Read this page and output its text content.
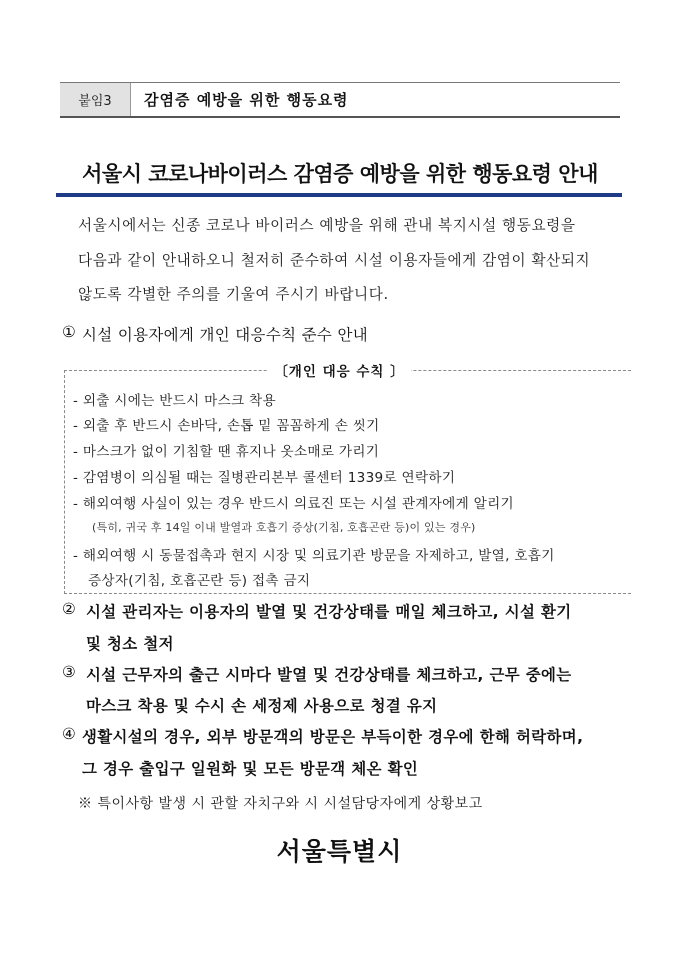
붙임3	감염증 예방을 위한 행동요령
서울시 코로나바이러스 감염증 예방을 위한 행동요령 안내
서울시에서는 신종 코로나 바이러스 예방을 위해 관내 복지시설 행동요령을
다음과 같이 안내하오니 철저히 준수하여 시설 이용자들에게 감염이 확산되지
않도록 각별한 주의를 기울여 주시기 바랍니다.
① 시설 이용자에게 개인 대응수칙 준수 안내
〔개인 대응 수칙 〕
- 외출 시에는 반드시 마스크 착용
- 외출 후 반드시 손바닥, 손톱 밑 꼼꼼하게 손 씻기
- 마스크가 없이 기침할 땐 휴지나 옷소매로 가리기
- 감염병이 의심될 때는 질병관리본부 콜센터 1339로 연락하기
- 해외여행 사실이 있는 경우 반드시 의료진 또는 시설 관계자에게 알리기
(특히, 귀국 후 14일 이내 발열과 호흡기 증상(기침, 호흡곤란 등)이 있는 경우)
- 해외여행 시 동물접촉과 현지 시장 및 의료기관 방문을 자제하고, 발열, 호흡기
증상자(기침, 호흡곤란 등) 접촉 금지
② 시설 관리자는 이용자의 발열 및 건강상태를 매일 체크하고, 시설 환기
및 청소 철저
③ 시설 근무자의 출근 시마다 발열 및 건강상태를 체크하고, 근무 중에는
마스크 착용 및 수시 손 세정제 사용으로 청결 유지
④ 생활시설의 경우, 외부 방문객의 방문은 부득이한 경우에 한해 허락하며,
그 경우 출입구 일원화 및 모든 방문객 체온 확인
※ 특이사항 발생 시 관할 자치구와 시 시설담당자에게 상황보고
서울특별시
